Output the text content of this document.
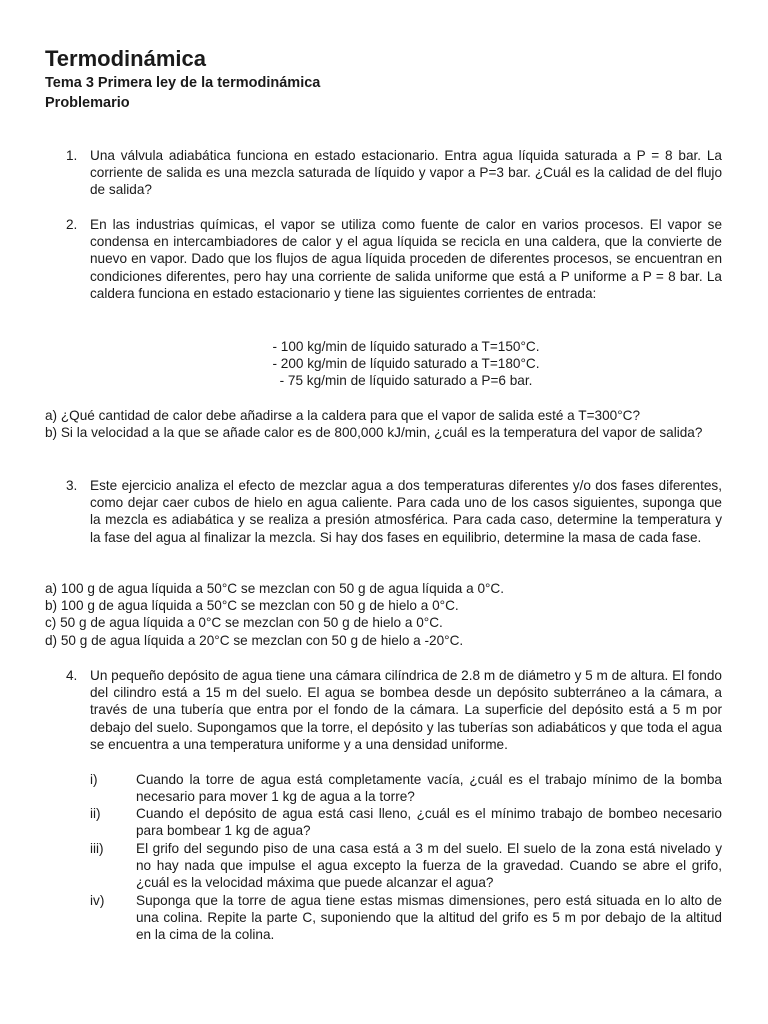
Termodinámica
Tema 3 Primera ley de la termodinámica
Problemario
1. Una válvula adiabática funciona en estado estacionario. Entra agua líquida saturada a P = 8 bar. La corriente de salida es una mezcla saturada de líquido y vapor a P=3 bar. ¿Cuál es la calidad de del flujo de salida?
2. En las industrias químicas, el vapor se utiliza como fuente de calor en varios procesos. El vapor se condensa en intercambiadores de calor y el agua líquida se recicla en una caldera, que la convierte de nuevo en vapor. Dado que los flujos de agua líquida proceden de diferentes procesos, se encuentran en condiciones diferentes, pero hay una corriente de salida uniforme que está a P uniforme a P = 8 bar. La caldera funciona en estado estacionario y tiene las siguientes corrientes de entrada:
- 100 kg/min de líquido saturado a T=150°C.
- 200 kg/min de líquido saturado a T=180°C.
- 75 kg/min de líquido saturado a P=6 bar.
a) ¿Qué cantidad de calor debe añadirse a la caldera para que el vapor de salida esté a T=300°C?
b) Si la velocidad a la que se añade calor es de 800,000 kJ/min, ¿cuál es la temperatura del vapor de salida?
3. Este ejercicio analiza el efecto de mezclar agua a dos temperaturas diferentes y/o dos fases diferentes, como dejar caer cubos de hielo en agua caliente. Para cada uno de los casos siguientes, suponga que la mezcla es adiabática y se realiza a presión atmosférica. Para cada caso, determine la temperatura y la fase del agua al finalizar la mezcla. Si hay dos fases en equilibrio, determine la masa de cada fase.
a) 100 g de agua líquida a 50°C se mezclan con 50 g de agua líquida a 0°C.
b) 100 g de agua líquida a 50°C se mezclan con 50 g de hielo a 0°C.
c) 50 g de agua líquida a 0°C se mezclan con 50 g de hielo a 0°C.
d) 50 g de agua líquida a 20°C se mezclan con 50 g de hielo a -20°C.
4. Un pequeño depósito de agua tiene una cámara cilíndrica de 2.8 m de diámetro y 5 m de altura. El fondo del cilindro está a 15 m del suelo. El agua se bombea desde un depósito subterráneo a la cámara, a través de una tubería que entra por el fondo de la cámara. La superficie del depósito está a 5 m por debajo del suelo. Supongamos que la torre, el depósito y las tuberías son adiabáticos y que toda el agua se encuentra a una temperatura uniforme y a una densidad uniforme.
i)	Cuando la torre de agua está completamente vacía, ¿cuál es el trabajo mínimo de la bomba necesario para mover 1 kg de agua a la torre?
ii)	Cuando el depósito de agua está casi lleno, ¿cuál es el mínimo trabajo de bombeo necesario para bombear 1 kg de agua?
iii) El grifo del segundo piso de una casa está a 3 m del suelo. El suelo de la zona está nivelado y no hay nada que impulse el agua excepto la fuerza de la gravedad. Cuando se abre el grifo, ¿cuál es la velocidad máxima que puede alcanzar el agua?
iv) Suponga que la torre de agua tiene estas mismas dimensiones, pero está situada en lo alto de una colina. Repite la parte C, suponiendo que la altitud del grifo es 5 m por debajo de la altitud en la cima de la colina.
